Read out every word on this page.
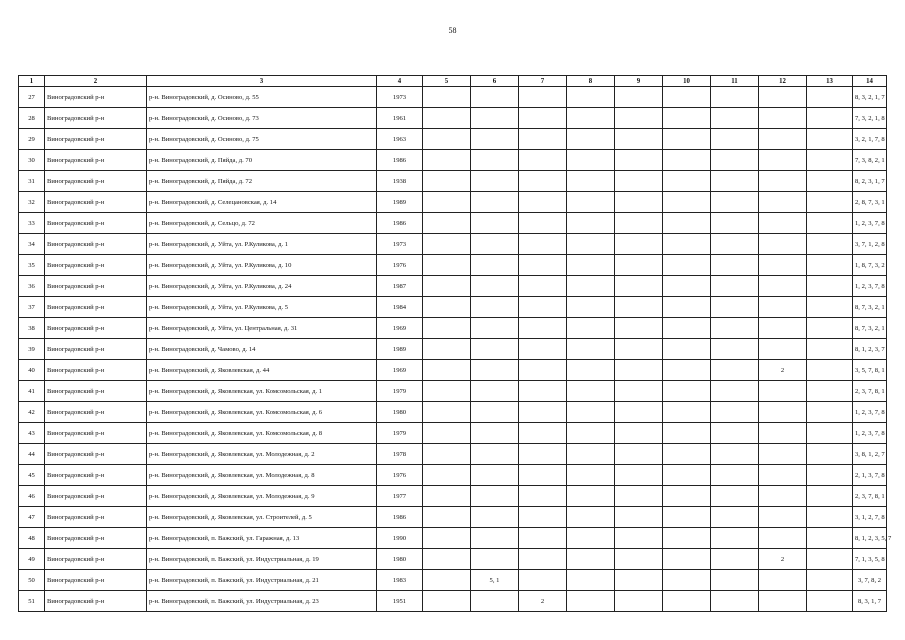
58
1	2	3	4	5	6	7	8	9	10	11	12	13	14
27	Виноградовский р-н	р-н. Виноградовский, д. Осиново, д. 55	1973										8, 3, 2, 1, 7
28	Виноградовский р-н	р-н. Виноградовский, д. Осиново, д. 73	1961										7, 3, 2, 1, 8
29	Виноградовский р-н	р-н. Виноградовский, д. Осиново, д. 75	1963										3, 2, 1, 7, 8
30	Виноградовский р-н	р-н. Виноградовский, д. Пяйда, д. 70	1986										7, 3, 8, 2, 1
31	Виноградовский р-н	р-н. Виноградовский, д. Пяйда, д. 72	1938										8, 2, 3, 1, 7
32	Виноградовский р-н	р-н. Виноградовский, д. Селецановская, д. 14	1989										2, 8, 7, 3, 1
33	Виноградовский р-н	р-н. Виноградовский, д. Сельцо, д. 72	1986										1, 2, 3, 7, 8
34	Виноградовский р-н	р-н. Виноградовский, д. Уйта, ул. Р.Куликова, д. 1	1973										3, 7, 1, 2, 8
35	Виноградовский р-н	р-н. Виноградовский, д. Уйта, ул. Р.Куликова, д. 10	1976										1, 8, 7, 3, 2
36	Виноградовский р-н	р-н. Виноградовский, д. Уйта, ул. Р.Куликова, д. 24	1987										1, 2, 3, 7, 8
37	Виноградовский р-н	р-н. Виноградовский, д. Уйта, ул. Р.Куликова, д. 5	1984										8, 7, 3, 2, 1
38	Виноградовский р-н	р-н. Виноградовский, д. Уйта, ул. Центральная, д. 31	1969										8, 7, 3, 2, 1
39	Виноградовский р-н	р-н. Виноградовский, д. Чамово, д. 14	1989										8, 1, 2, 3, 7
40	Виноградовский р-н	р-н. Виноградовский, д. Яковлевская, д. 44	1969								2		3, 5, 7, 8, 1
41	Виноградовский р-н	р-н. Виноградовский, д. Яковлевская, ул. Комсомольская, д. 1	1979										2, 3, 7, 8, 1
42	Виноградовский р-н	р-н. Виноградовский, д. Яковлевская, ул. Комсомольская, д. 6	1980										1, 2, 3, 7, 8
43	Виноградовский р-н	р-н. Виноградовский, д. Яковлевская, ул. Комсомольская, д. 8	1979										1, 2, 3, 7, 8
44	Виноградовский р-н	р-н. Виноградовский, д. Яковлевская, ул. Молодежная, д. 2	1978										3, 8, 1, 2, 7
45	Виноградовский р-н	р-н. Виноградовский, д. Яковлевская, ул. Молодежная, д. 8	1976										2, 1, 3, 7, 8
46	Виноградовский р-н	р-н. Виноградовский, д. Яковлевская, ул. Молодежная, д. 9	1977										2, 3, 7, 8, 1
47	Виноградовский р-н	р-н. Виноградовский, д. Яковлевская, ул. Строителей, д. 5	1986										3, 1, 2, 7, 8
48	Виноградовский р-н	р-н. Виноградовский, п. Важский, ул. Гаражная, д. 13	1990										8, 1, 2, 3, 5, 7
49	Виноградовский р-н	р-н. Виноградовский, п. Важский, ул. Индустриальная, д. 19	1980								2		7, 1, 3, 5, 8
50	Виноградовский р-н	р-н. Виноградовский, п. Важский, ул. Индустриальная, д. 21	1983		5, 1								3, 7, 8, 2
51	Виноградовский р-н	р-н. Виноградовский, п. Важский, ул. Индустриальная, д. 23	1951			2							8, 3, 1, 7
